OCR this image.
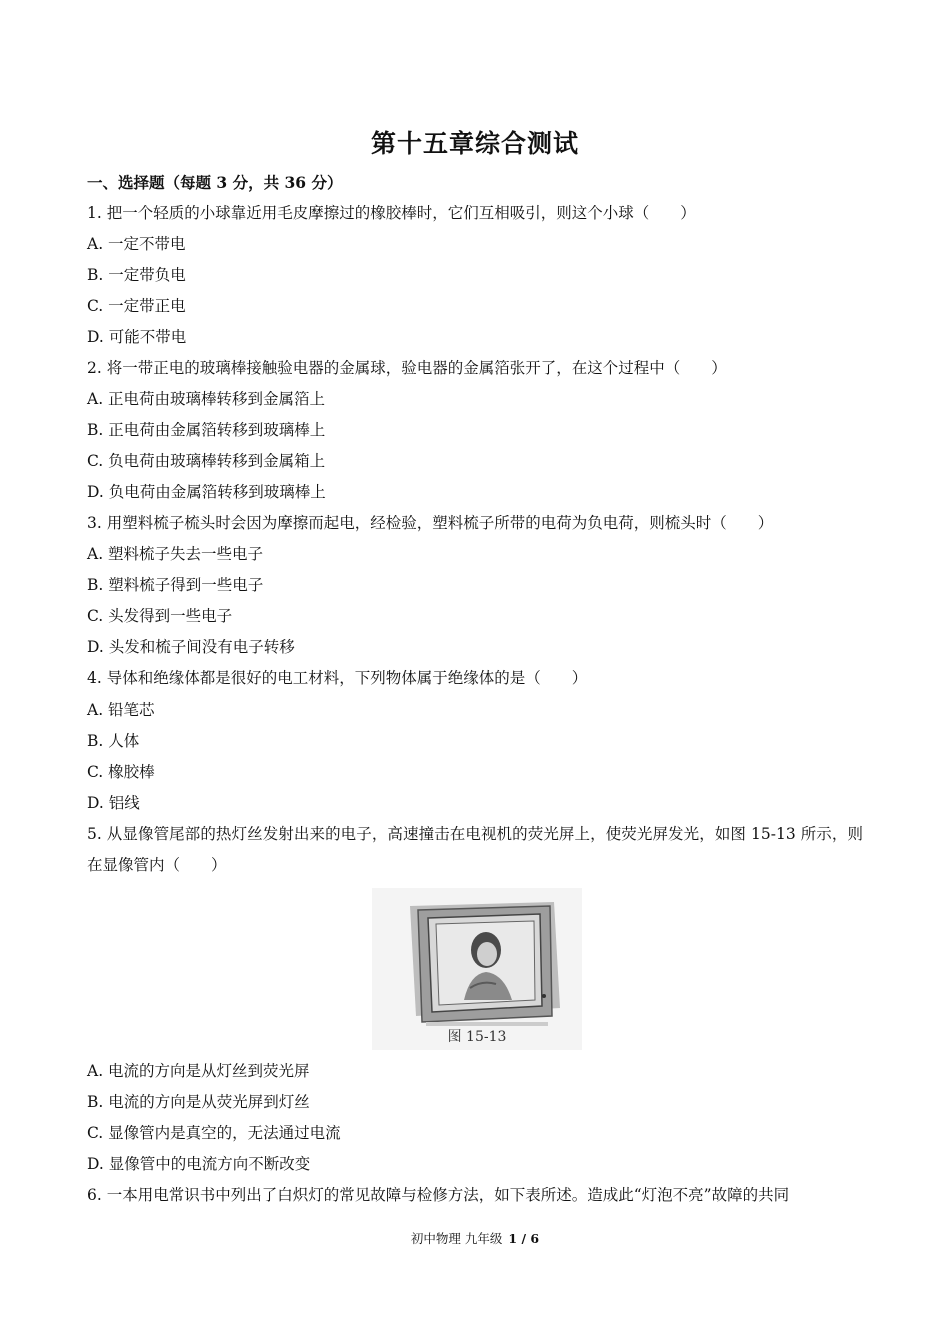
第十五章综合测试
一、选择题（每题 3 分，共 36 分）
1. 把一个轻质的小球靠近用毛皮摩擦过的橡胶棒时，它们互相吸引，则这个小球（　　）
A. 一定不带电
B. 一定带负电
C. 一定带正电
D. 可能不带电
2. 将一带正电的玻璃棒接触验电器的金属球，验电器的金属箔张开了，在这个过程中（　　）
A. 正电荷由玻璃棒转移到金属箔上
B. 正电荷由金属箔转移到玻璃棒上
C. 负电荷由玻璃棒转移到金属箱上
D. 负电荷由金属箔转移到玻璃棒上
3. 用塑料梳子梳头时会因为摩擦而起电，经检验，塑料梳子所带的电荷为负电荷，则梳头时（　　）
A. 塑料梳子失去一些电子
B. 塑料梳子得到一些电子
C. 头发得到一些电子
D. 头发和梳子间没有电子转移
4. 导体和绝缘体都是很好的电工材料，下列物体属于绝缘体的是（　　）
A. 铅笔芯
B. 人体
C. 橡胶棒
D. 铝线
5. 从显像管尾部的热灯丝发射出来的电子，高速撞击在电视机的荧光屏上，使荧光屏发光，如图 15-13 所示，则在显像管内（　　）
图 15-13
A. 电流的方向是从灯丝到荧光屏
B. 电流的方向是从荧光屏到灯丝
C. 显像管内是真空的，无法通过电流
D. 显像管中的电流方向不断改变
6. 一本用电常识书中列出了白炽灯的常见故障与检修方法，如下表所述。造成此“灯泡不亮”故障的共同
初中物理 九年级 1 / 6
